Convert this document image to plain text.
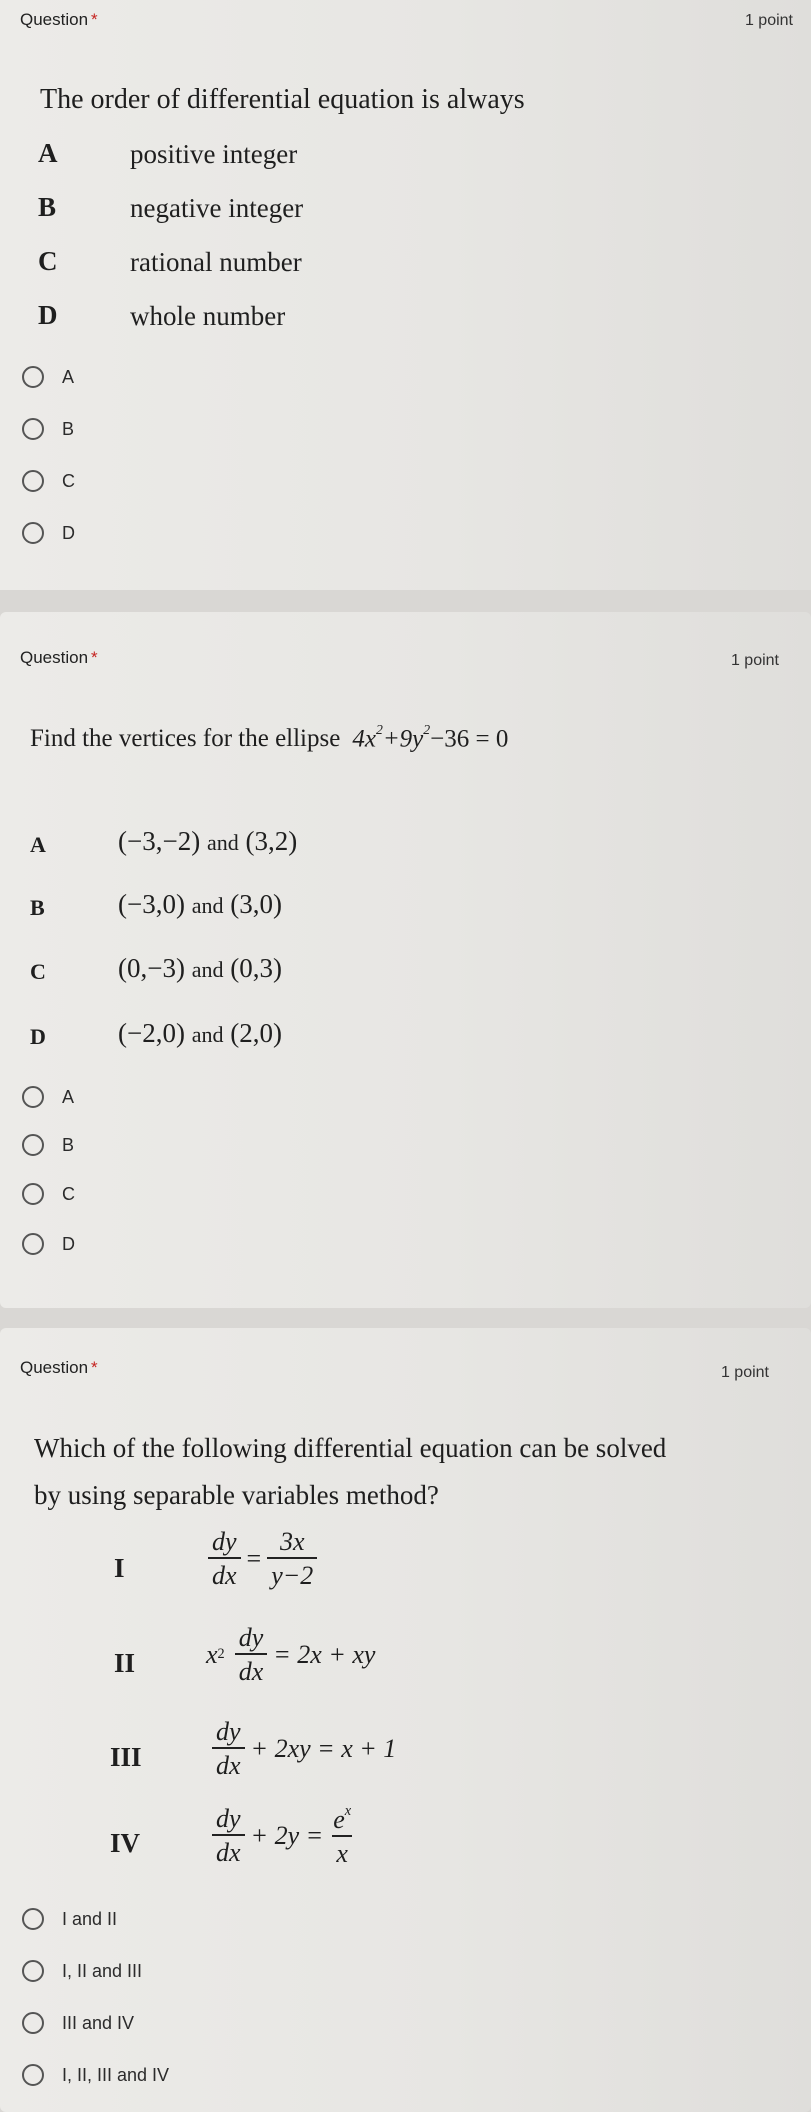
Question *	1 point
The order of differential equation is always
A	positive integer
B	negative integer
C	rational number
D	whole number
A
B
C
D
Question *	1 point
Find the vertices for the ellipse $4x^2+9y^2-36 = 0$
A	(−3,−2) and (3,2)
B	(−3,0) and (3,0)
C	(0,−3) and (0,3)
D	(−2,0) and (2,0)
A
B
C
D
Question *	1 point
Which of the following differential equation can be solved
by using separable variables method?
I	$\frac{dy}{dx} = \frac{3x}{y-2}$
II	x $2 \frac{dy}{dx} = 2x$ + xy
III	$\frac{dy}{dx} + 2xy = x + 1$
IV	$\frac{dy}{dx} + 2y = \frac{e^x}{x}$
I and II
I, II and III
III and IV
I, II, III and IV
